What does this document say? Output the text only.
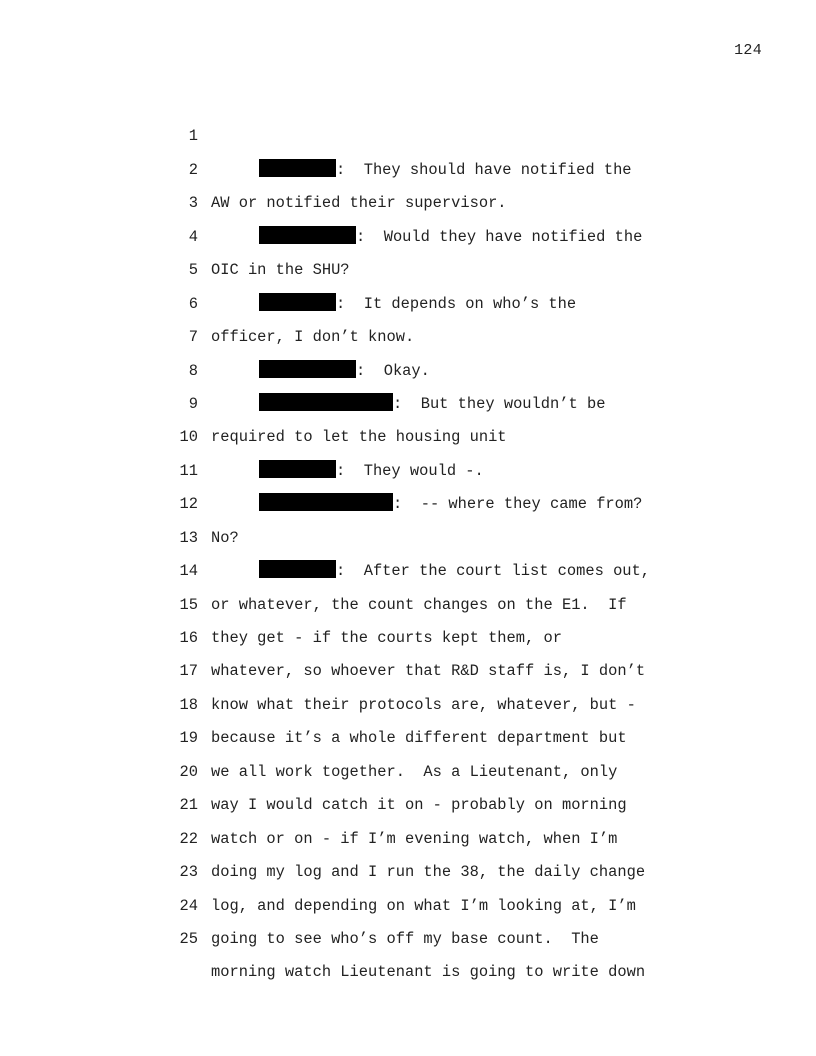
124

1

:  They should have notified the

2

AW or notified their supervisor.

3

:  Would they have notified the

4

OIC in the SHU?

5

:  It depends on who’s the

6

officer, I don’t know.

7

:  Okay.

8

:  But they wouldn’t be

9

required to let the housing unit

10

:  They would -.

11

:  -- where they came from?

12

No?

13

:  After the court list comes out,

14

or whatever, the count changes on the E1.  If

15

they get - if the courts kept them, or

16

whatever, so whoever that R&D staff is, I don’t

17

know what their protocols are, whatever, but -

18

because it’s a whole different department but

19

we all work together.  As a Lieutenant, only

20

way I would catch it on - probably on morning

21

watch or on - if I’m evening watch, when I’m

22

doing my log and I run the 38, the daily change

23

log, and depending on what I’m looking at, I’m

24

going to see who’s off my base count.  The

25

morning watch Lieutenant is going to write down
